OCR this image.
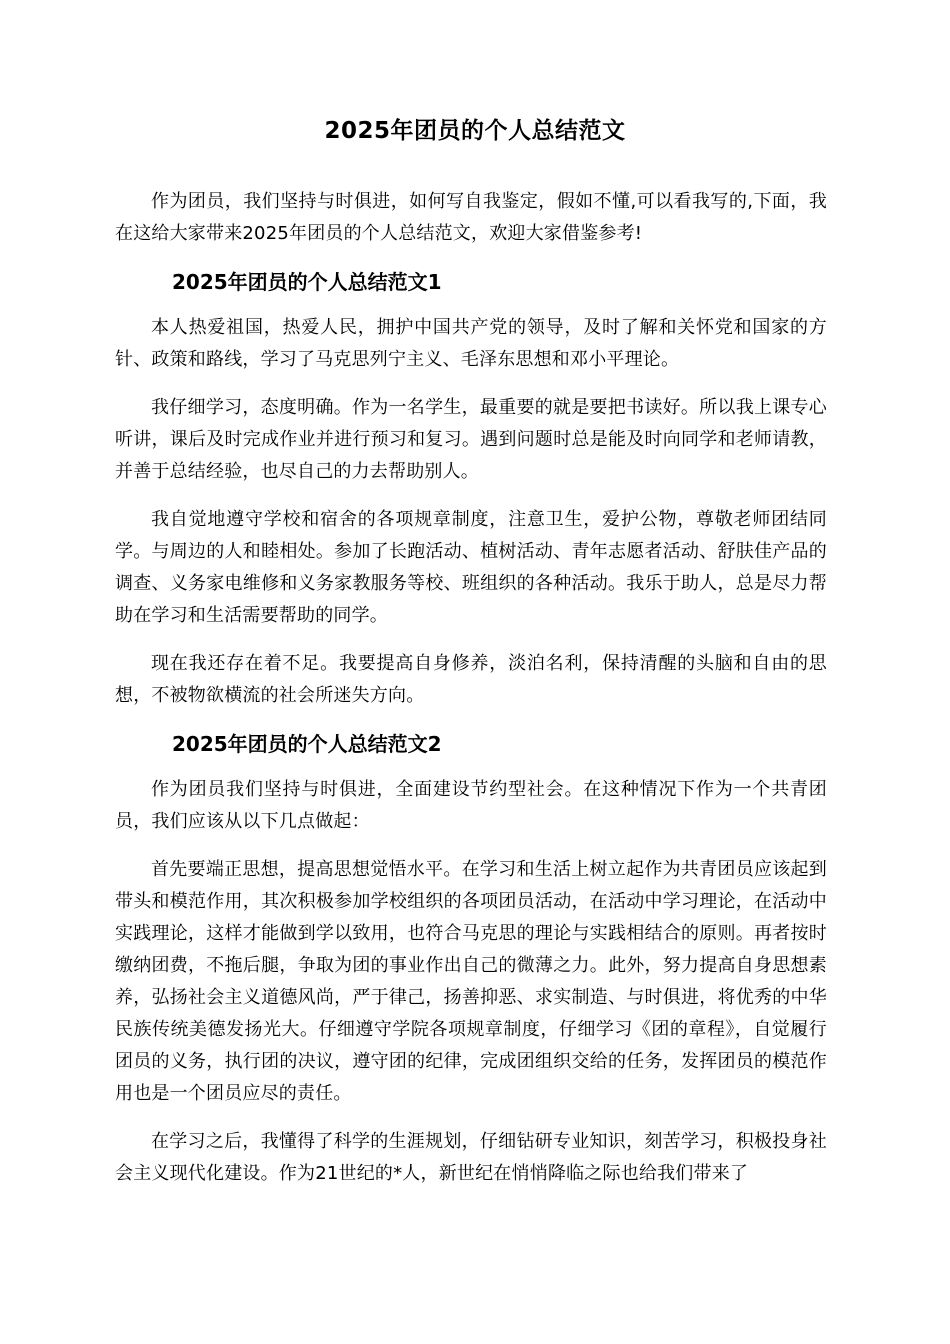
2025年团员的个人总结范文

作为团员，我们坚持与时俱进，如何写自我鉴定，假如不懂,可以看我写的,下面，我在这给大家带来2025年团员的个人总结范文，欢迎大家借鉴参考!

2025年团员的个人总结范文1

本人热爱祖国，热爱人民，拥护中国共产党的领导，及时了解和关怀党和国家的方针、政策和路线，学习了马克思列宁主义、毛泽东思想和邓小平理论。

我仔细学习，态度明确。作为一名学生，最重要的就是要把书读好。所以我上课专心听讲，课后及时完成作业并进行预习和复习。遇到问题时总是能及时向同学和老师请教，并善于总结经验，也尽自己的力去帮助别人。

我自觉地遵守学校和宿舍的各项规章制度，注意卫生，爱护公物，尊敬老师团结同学。与周边的人和睦相处。参加了长跑活动、植树活动、青年志愿者活动、舒肤佳产品的调查、义务家电维修和义务家教服务等校、班组织的各种活动。我乐于助人，总是尽力帮助在学习和生活需要帮助的同学。

现在我还存在着不足。我要提高自身修养，淡泊名利，保持清醒的头脑和自由的思想，不被物欲横流的社会所迷失方向。

2025年团员的个人总结范文2

作为团员我们坚持与时俱进，全面建设节约型社会。在这种情况下作为一个共青团员，我们应该从以下几点做起：

首先要端正思想，提高思想觉悟水平。在学习和生活上树立起作为共青团员应该起到带头和模范作用，其次积极参加学校组织的各项团员活动，在活动中学习理论，在活动中实践理论，这样才能做到学以致用，也符合马克思的理论与实践相结合的原则。再者按时缴纳团费，不拖后腿，争取为团的事业作出自己的微薄之力。此外，努力提高自身思想素养，弘扬社会主义道德风尚，严于律己，扬善抑恶、求实制造、与时俱进，将优秀的中华民族传统美德发扬光大。仔细遵守学院各项规章制度，仔细学习《团的章程》，自觉履行团员的义务，执行团的决议，遵守团的纪律，完成团组织交给的任务，发挥团员的模范作用也是一个团员应尽的责任。

在学习之后，我懂得了科学的生涯规划，仔细钻研专业知识，刻苦学习，积极投身社会主义现代化建设。作为21世纪的*人，新世纪在悄悄降临之际也给我们带来了
